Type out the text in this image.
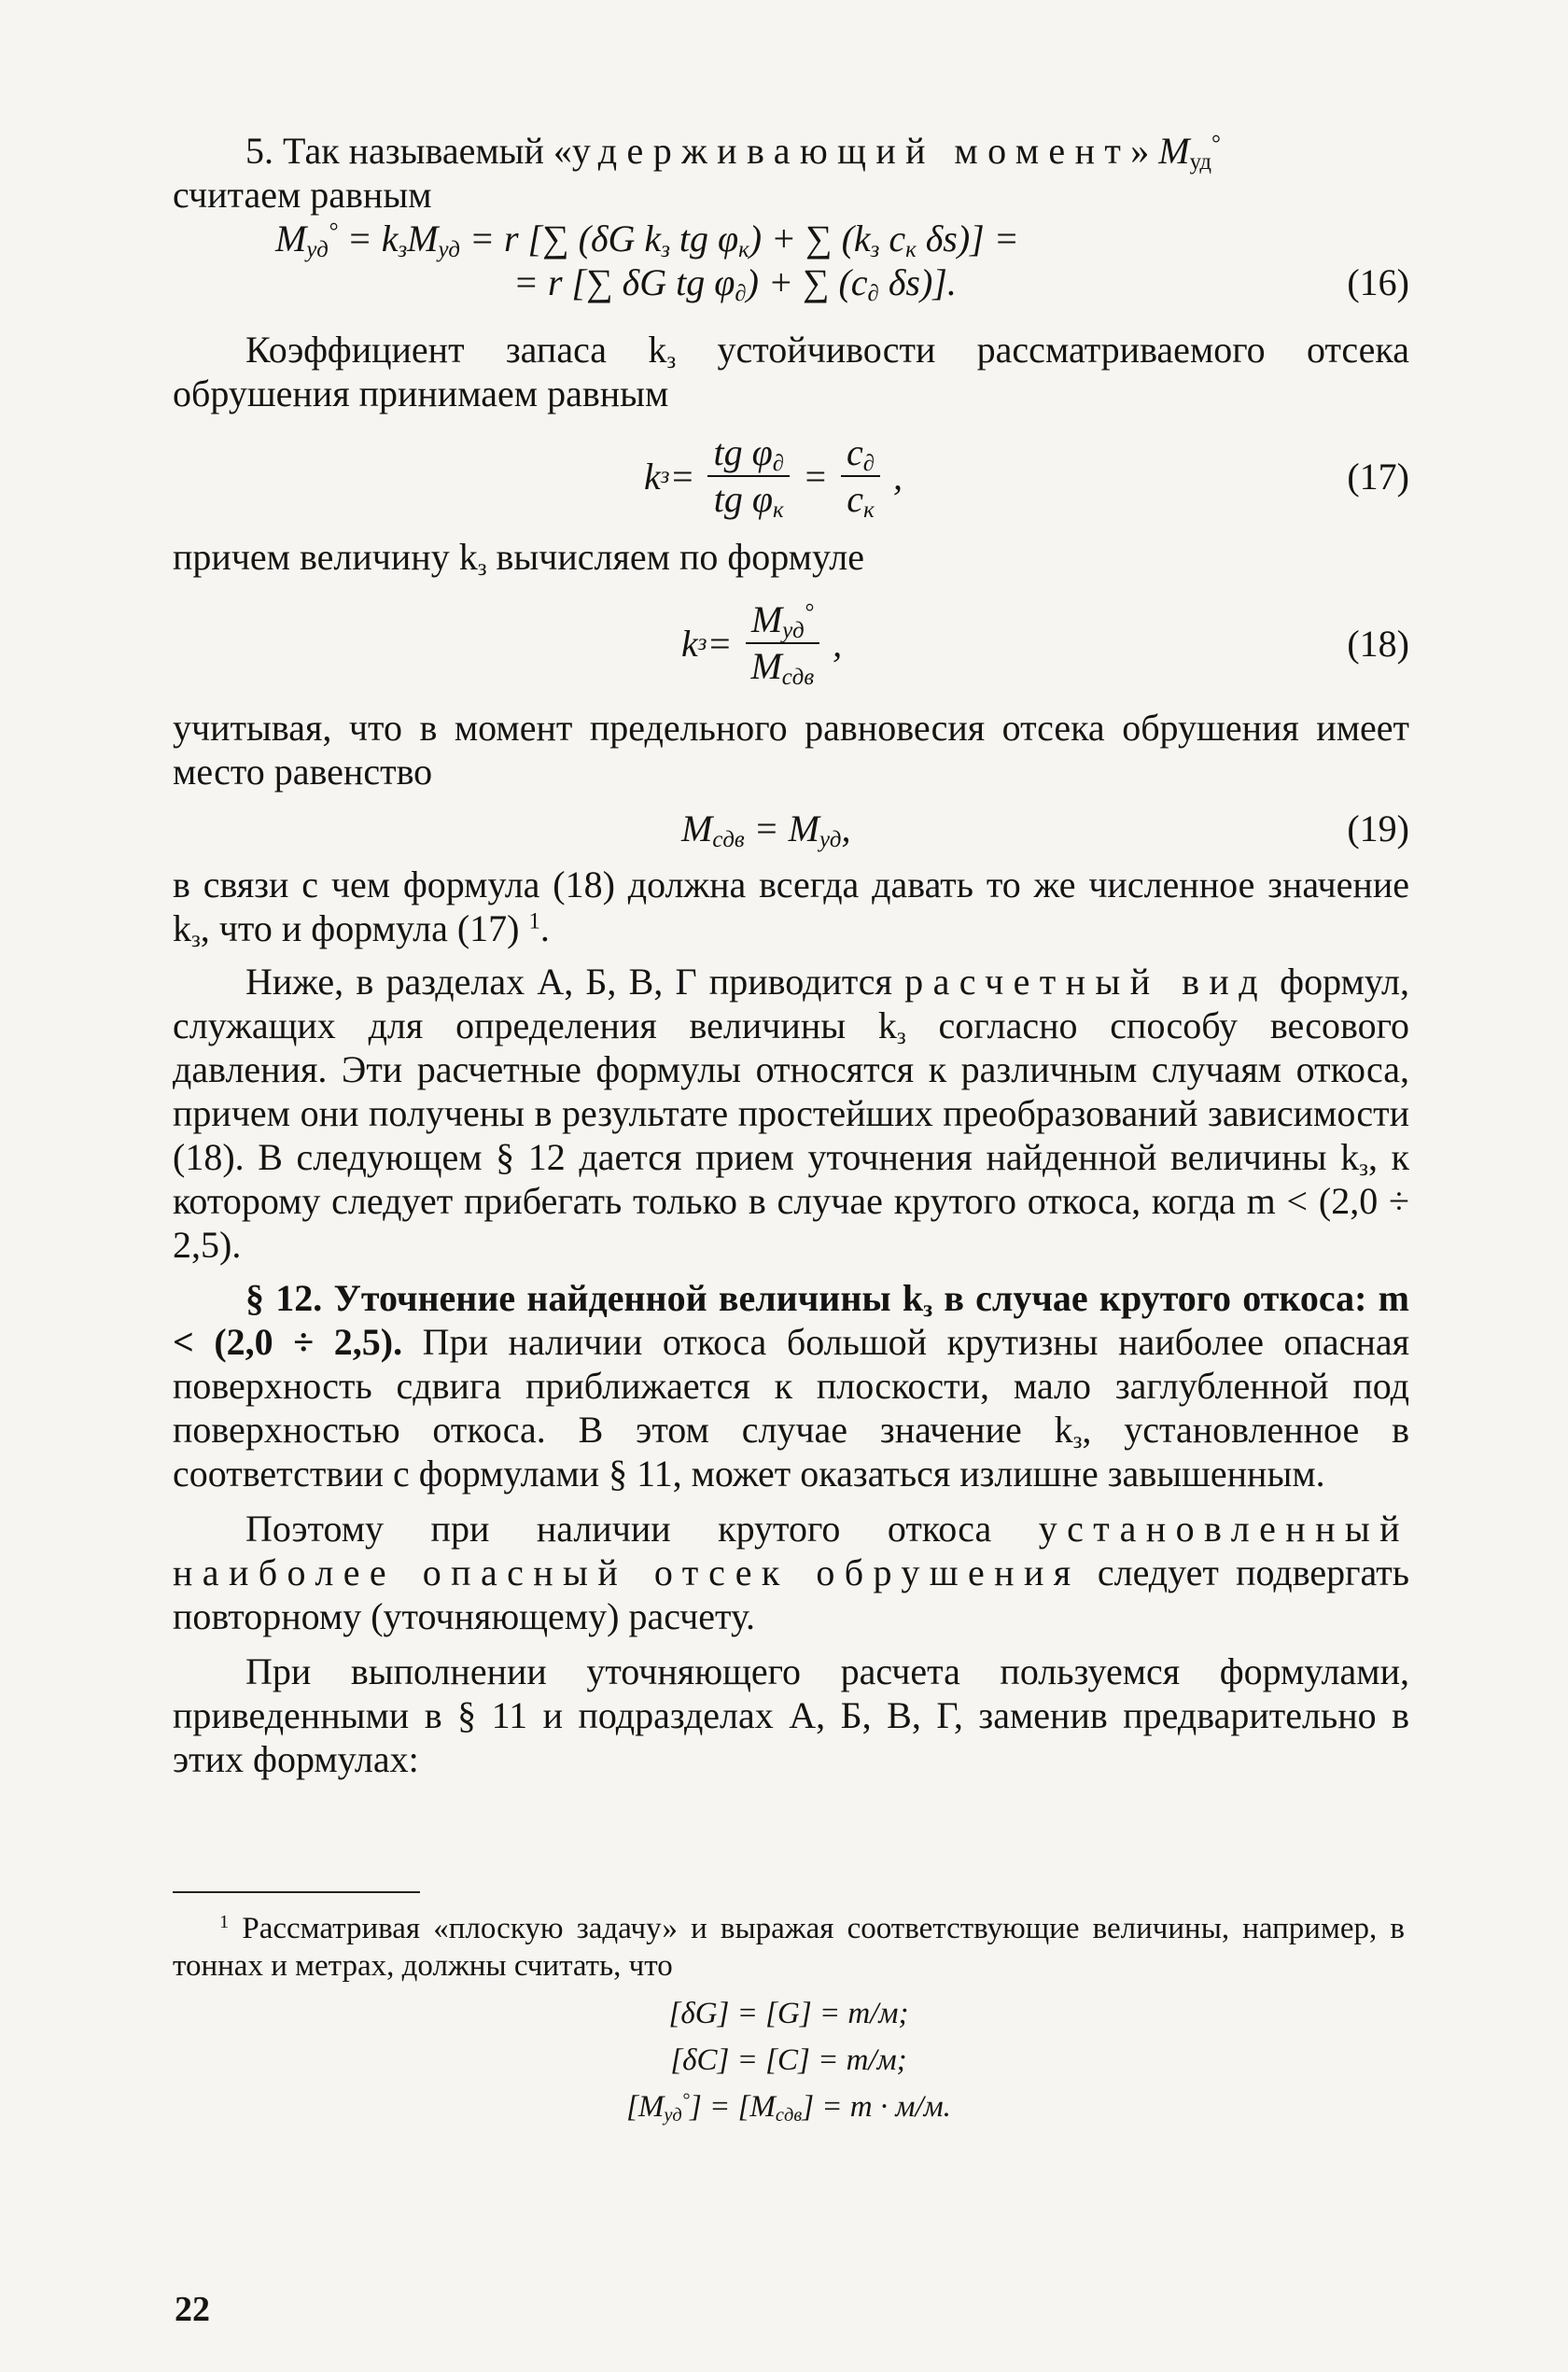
5. Так называемый «удерживающий момент» $M_{уд}^\circ$
считаем равным

$M_{уд}^\circ = k_зM_{уд} = r$ [∑ (δG $k_з$ tg $\varphi_к$) + ∑ ($k_з$ $c_к$ δs)] =
= r [∑ δG tg $\varphi_\partial$) + ∑ ($c_\partial$ δs)].	(16)

Коэффициент запаса $k_з$ устойчивости рассматриваемого отсека обрушения принимаем равным

k $з = \frac{tg \varphi_\partial}{tg \varphi_к} = \frac{c_\partial}{c_к}$ ,	(17)

причем величину $k_з$ вычисляем по формуле

k $з = \frac{M_{уд}^\circ}{M_{сдв}}$ ,	(18)

учитывая, что в момент предельного равновесия отсека обрушения имеет место равенство

$M_{сдв} = M_{уд}$,	(19)

в связи с чем формула (18) должна всегда давать то же численное значение $k_з$, что и формула (17) $^1$.

Ниже, в разделах А, Б, В, Г приводится расчетный вид формул, служащих для определения величины $k_з$ согласно способу весового давления. Эти расчетные формулы относятся к различным случаям откоса, причем они получены в результате простейших преобразований зависимости (18). В следующем § 12 дается прием уточнения найденной величины $k_з$, к которому следует прибегать только в случае крутого откоса, когда m < (2,0 ÷ 2,5).

§ 12. Уточнение найденной величины $k_з$ в случае крутого откоса: m < (2,0 ÷ 2,5). При наличии откоса большой крутизны наиболее опасная поверхность сдвига приближается к плоскости, мало заглубленной под поверхностью откоса. В этом случае значение $k_з$, установленное в соответствии с формулами § 11, может оказаться излишне завышенным.

Поэтому при наличии крутого откоса установленный наиболее опасный отсек обрушения следует подвергать повторному (уточняющему) расчету.

При выполнении уточняющего расчета пользуемся формулами, приведенными в § 11 и подразделах А, Б, В, Г, заменив предварительно в этих формулах:

$^1$ Рассматривая «плоскую задачу» и выражая соответствующие величины, например, в тоннах и метрах, должны считать, что

[δG] = [G] = т/м;
[δC] = [C] = т/м;
$[M_{уд}^\circ] = [M_{сдв}] = т \cdot м/м$.
22
